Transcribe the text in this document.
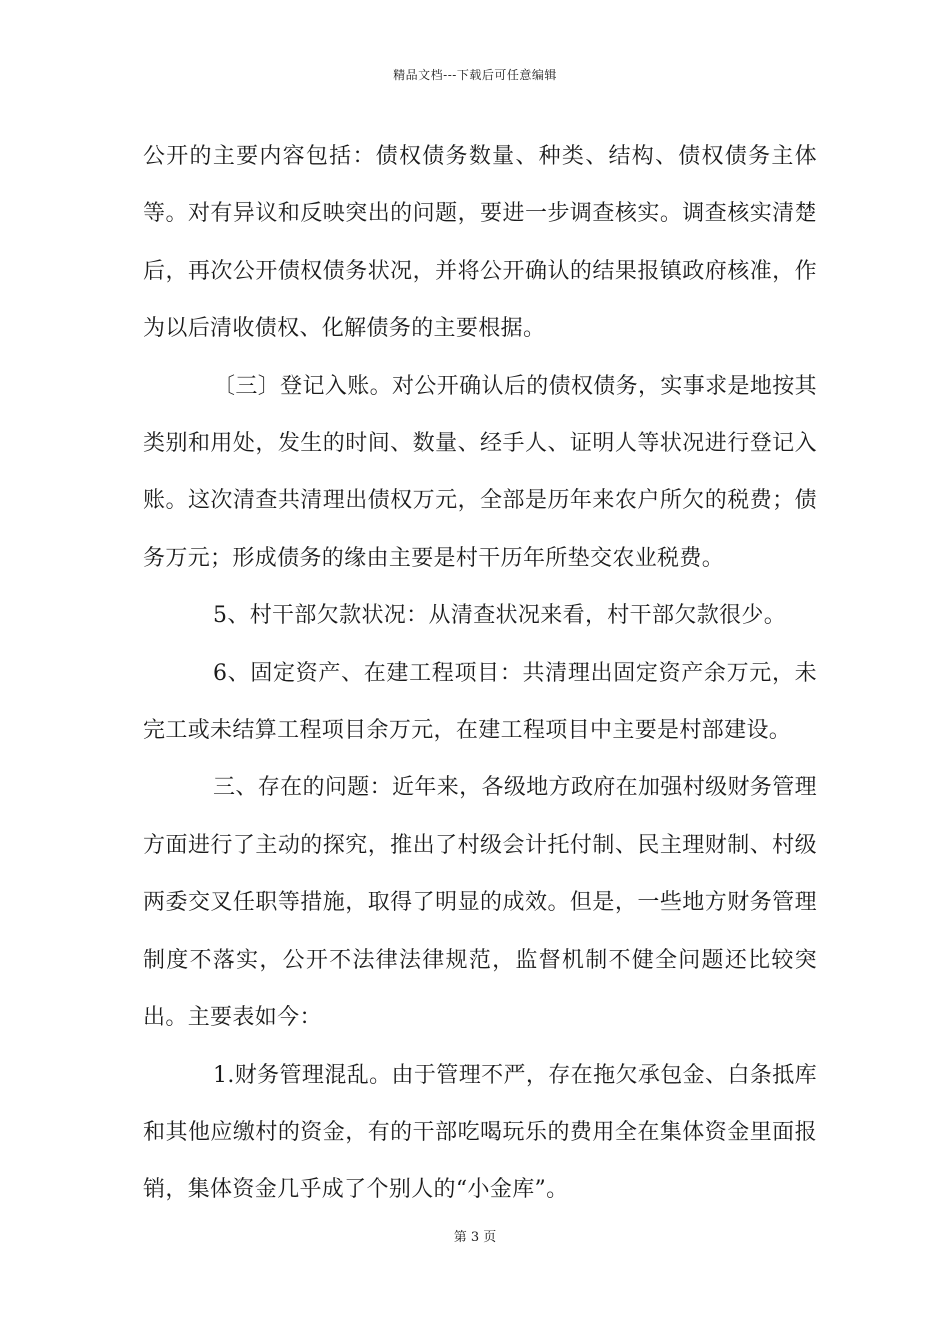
精品文档---下载后可任意编辑

公开的主要内容包括：债权债务数量、种类、结构、债权债务主体等。对有异议和反映突出的问题，要进一步调查核实。调查核实清楚后，再次公开债权债务状况，并将公开确认的结果报镇政府核准，作为以后清收债权、化解债务的主要根据。

〔三〕登记入账。对公开确认后的债权债务，实事求是地按其类别和用处，发生的时间、数量、经手人、证明人等状况进行登记入账。这次清查共清理出债权万元，全部是历年来农户所欠的税费；债务万元；形成债务的缘由主要是村干历年所垫交农业税费。

5、村干部欠款状况：从清查状况来看，村干部欠款很少。

6、固定资产、在建工程项目：共清理出固定资产余万元，未完工或未结算工程项目余万元，在建工程项目中主要是村部建设。

三、存在的问题：近年来，各级地方政府在加强村级财务管理方面进行了主动的探究，推出了村级会计托付制、民主理财制、村级两委交叉任职等措施，取得了明显的成效。但是，一些地方财务管理制度不落实，公开不法律法律规范，监督机制不健全问题还比较突出。主要表如今：

1.财务管理混乱。由于管理不严，存在拖欠承包金、白条抵库和其他应缴村的资金，有的干部吃喝玩乐的费用全在集体资金里面报销，集体资金几乎成了个别人的“小金库”。

第 3 页
